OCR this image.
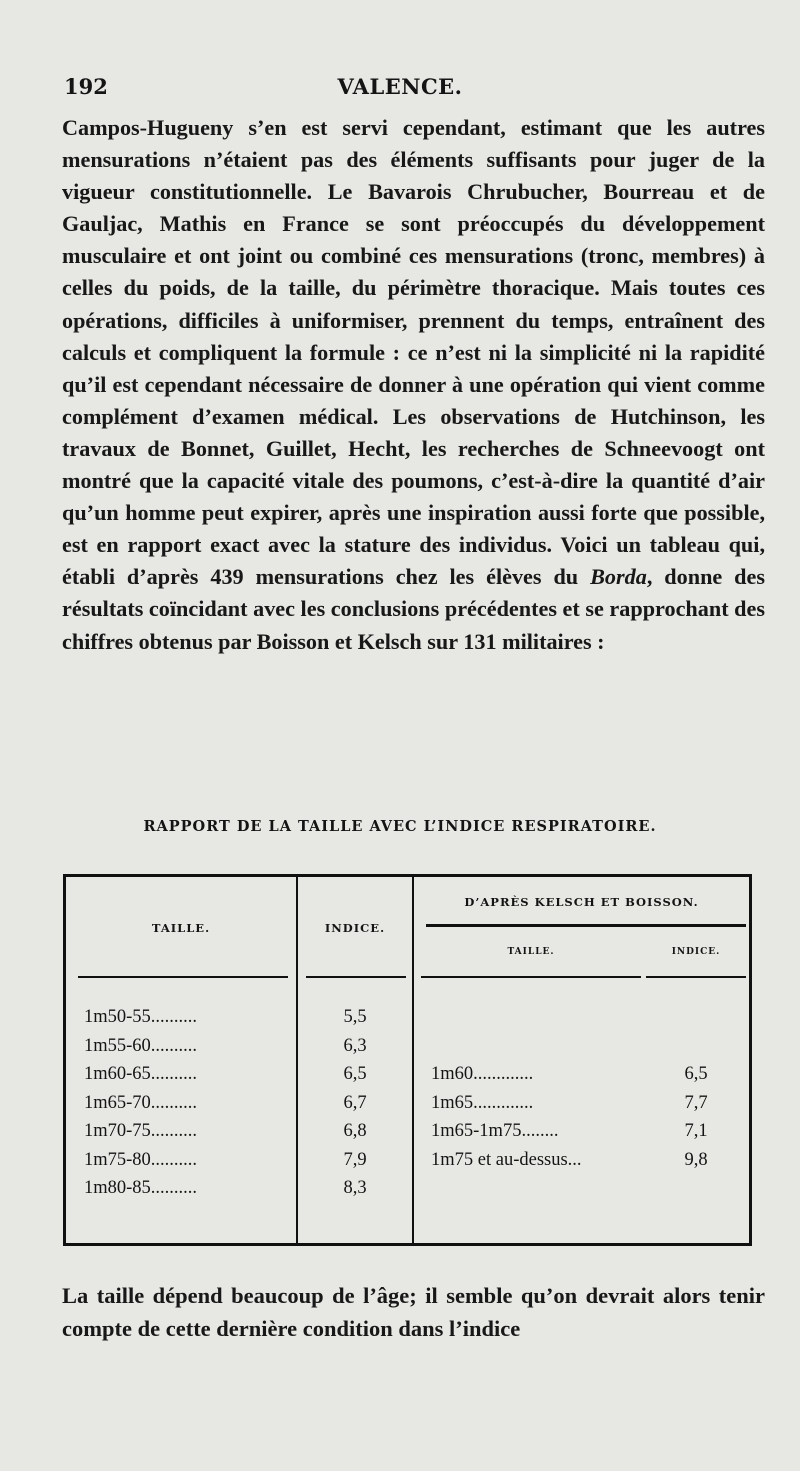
192	VALENCE.

Campos-Hugueny s’en est servi cependant, estimant que les autres mensurations n’étaient pas des éléments suffisants pour juger de la vigueur constitutionnelle. Le Bavarois Chrubucher, Bourreau et de Gauljac, Mathis en France se sont préoccupés du développement musculaire et ont joint ou combiné ces mensurations (tronc, membres) à celles du poids, de la taille, du périmètre thoracique. Mais toutes ces opérations, difficiles à uniformiser, prennent du temps, entraînent des calculs et compliquent la formule : ce n’est ni la simplicité ni la rapidité qu’il est cependant nécessaire de donner à une opération qui vient comme complément d’examen médical. Les observations de Hutchinson, les travaux de Bonnet, Guillet, Hecht, les recherches de Schneevoogt ont montré que la capacité vitale des poumons, c’est-à-dire la quantité d’air qu’un homme peut expirer, après une inspiration aussi forte que possible, est en rapport exact avec la stature des individus. Voici un tableau qui, établi d’après 439 mensurations chez les élèves du Borda, donne des résultats coïncidant avec les conclusions précédentes et se rapprochant des chiffres obtenus par Boisson et Kelsch sur 131 militaires :

RAPPORT DE LA TAILLE AVEC L’INDICE RESPIRATOIRE.
TAILLE.	INDICE.
D’APRÈS KELSCH ET BOISSON.
TAILLE.	INDICE.
1m50-55..........	5,5
1m55-60..........	6,3
1m60-65..........	6,5	1m60.............	6,5
1m65-70..........	6,7	1m65.............	7,7
1m70-75..........	6,8	1m65-1m75........	7,1
1m75-80..........	7,9	1m75 et au-dessus...	9,8
1m80-85..........	8,3

La taille dépend beaucoup de l’âge; il semble qu’on devrait alors tenir compte de cette dernière condition dans l’indice
